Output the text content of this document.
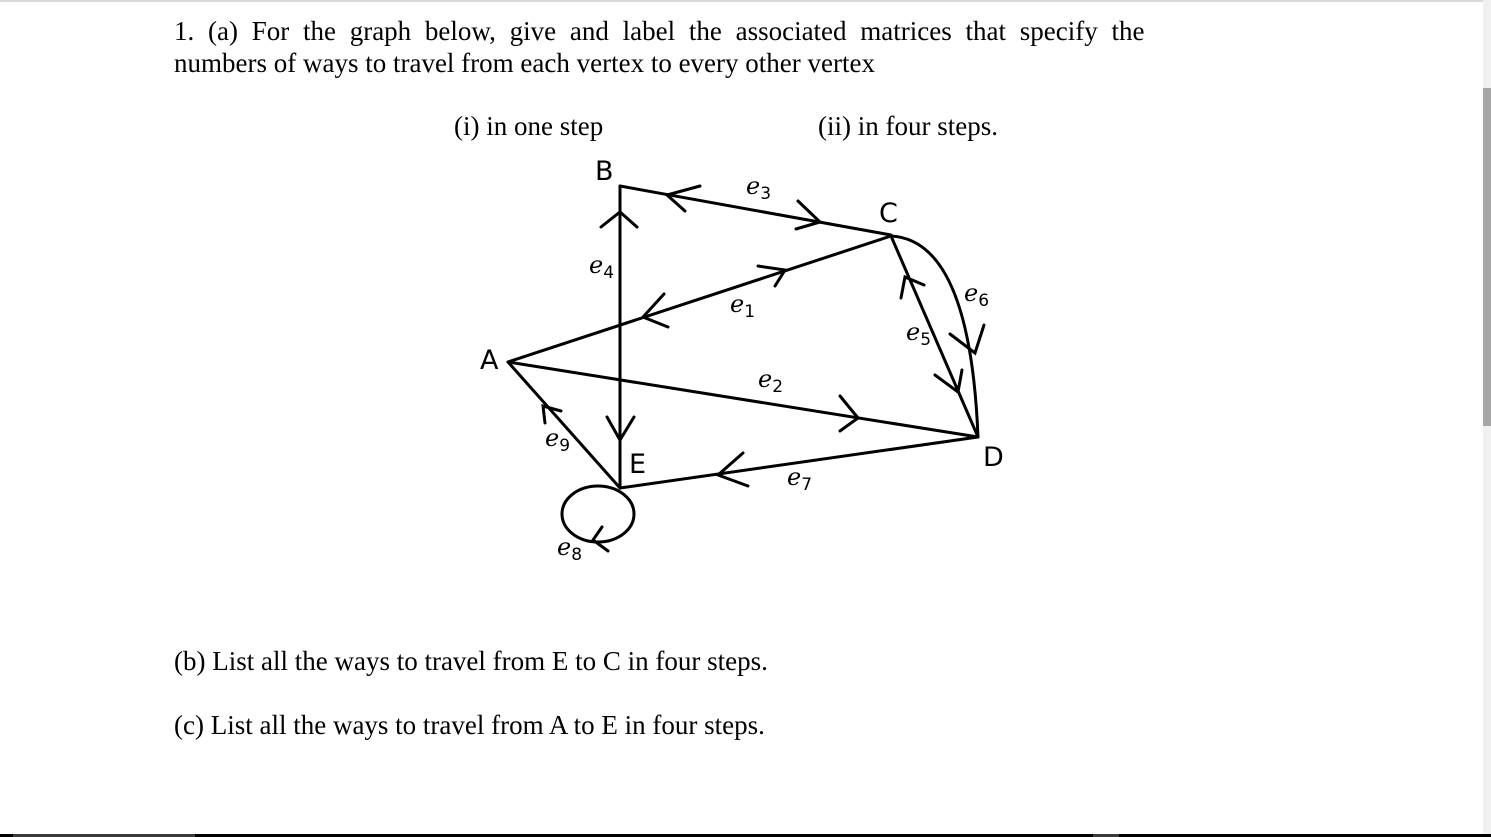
1. (a) For the graph below, give and label the associated matrices that specify the
numbers of ways to travel from each vertex to every other vertex
(i) in one step	(ii) in four steps.
B
C
A
D
E
$e_3$
$e_4$
$e_1$
$e_6$
$e_5$
$e_2$
$e_9$
$e_7$
$e_8$
(b) List all the ways to travel from E to C in four steps.
(c) List all the ways to travel from A to E in four steps.
